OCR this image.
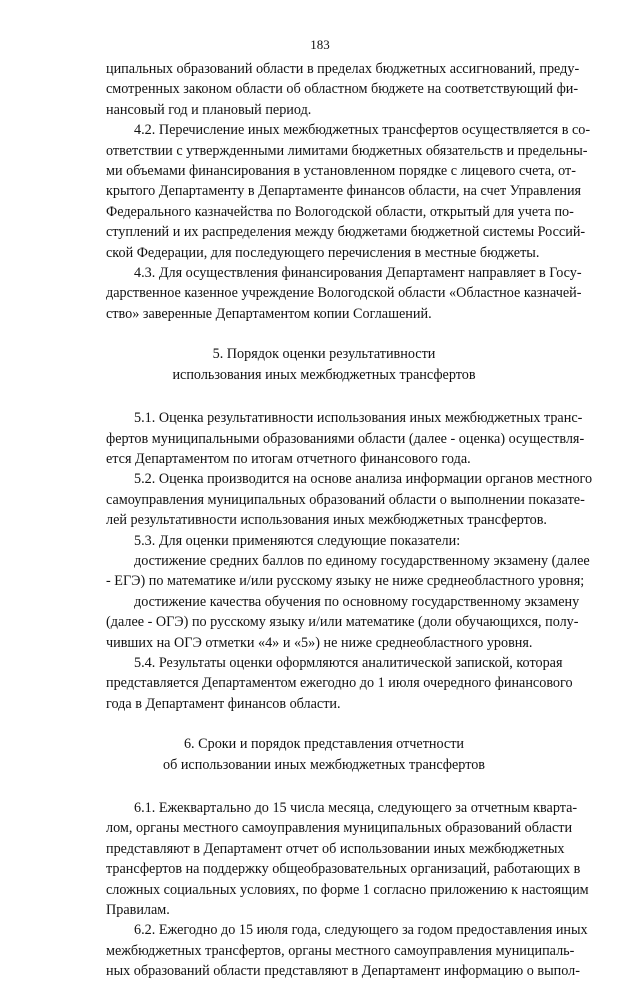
183
ципальных образований области в пределах бюджетных ассигнований, преду-
смотренных законом области об областном бюджете на соответствующий фи-
нансовый год и плановый период.
4.2. Перечисление иных межбюджетных трансфертов осуществляется в со-
ответствии с утвержденными лимитами бюджетных обязательств и предельны-
ми объемами финансирования в установленном порядке с лицевого счета, от-
крытого Департаменту в Департаменте финансов области, на счет Управления
Федерального казначейства по Вологодской области, открытый для учета по-
ступлений и их распределения между бюджетами бюджетной системы Россий-
ской Федерации, для последующего перечисления в местные бюджеты.
4.3. Для осуществления финансирования Департамент направляет в Госу-
дарственное казенное учреждение Вологодской области «Областное казначей-
ство» заверенные Департаментом копии Соглашений.
5. Порядок оценки результативности
использования иных межбюджетных трансфертов
5.1. Оценка результативности использования иных межбюджетных транс-
фертов муниципальными образованиями области (далее - оценка) осуществля-
ется Департаментом по итогам отчетного финансового года.
5.2. Оценка производится на основе анализа информации органов местного
самоуправления муниципальных образований области о выполнении показате-
лей результативности использования иных межбюджетных трансфертов.
5.3. Для оценки применяются следующие показатели:
достижение средних баллов по единому государственному экзамену (далее
- ЕГЭ) по математике и/или русскому языку не ниже среднеобластного уровня;
достижение качества обучения по основному государственному экзамену
(далее - ОГЭ) по русскому языку и/или математике (доли обучающихся, полу-
чивших на ОГЭ отметки «4» и «5») не ниже среднеобластного уровня.
5.4. Результаты оценки оформляются аналитической запиской, которая
представляется Департаментом ежегодно до 1 июля очередного финансового
года в Департамент финансов области.
6. Сроки и порядок представления отчетности
об использовании иных межбюджетных трансфертов
6.1. Ежеквартально до 15 числа месяца, следующего за отчетным кварта-
лом, органы местного самоуправления муниципальных образований области
представляют в Департамент отчет об использовании иных межбюджетных
трансфертов на поддержку общеобразовательных организаций, работающих в
сложных социальных условиях, по форме 1 согласно приложению к настоящим
Правилам.
6.2. Ежегодно до 15 июля года, следующего за годом предоставления иных
межбюджетных трансфертов, органы местного самоуправления муниципаль-
ных образований области представляют в Департамент информацию о выпол-
